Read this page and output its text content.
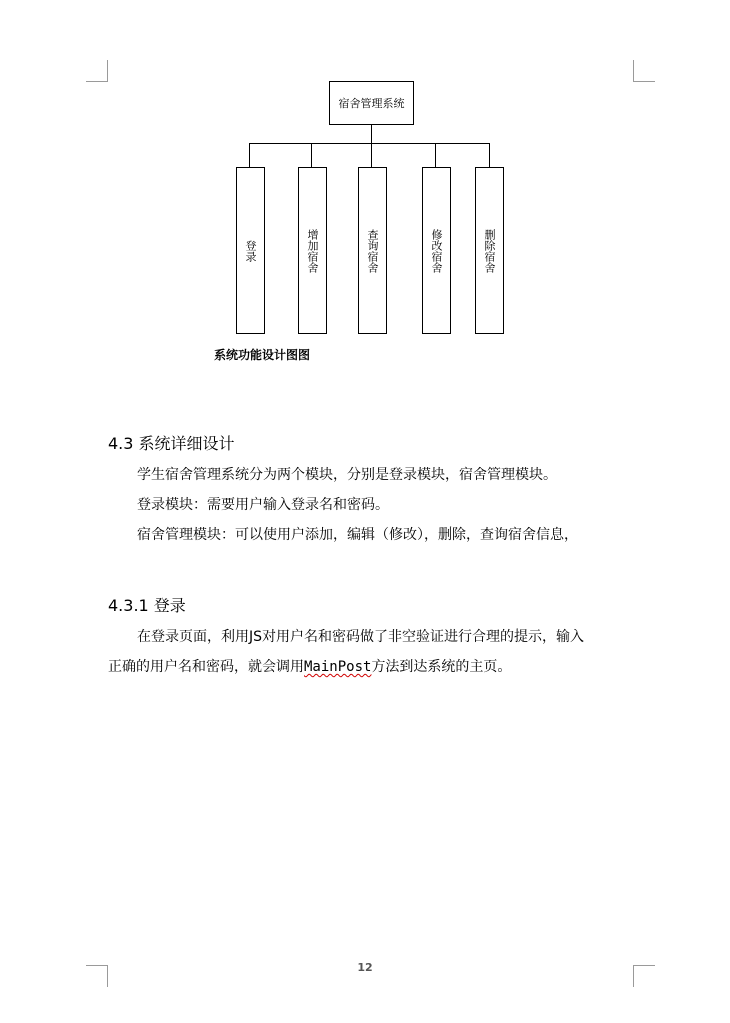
宿舍管理系统
登录	增加宿舍	查询宿舍	修改宿舍	删除宿舍
系统功能设计图图
4.3 系统详细设计
学生宿舍管理系统分为两个模块，分别是登录模块，宿舍管理模块。
登录模块：需要用户输入登录名和密码。
宿舍管理模块：可以使用户添加，编辑（修改），删除，查询宿舍信息，
4.3.1 登录
在登录页面，利用JS对用户名和密码做了非空验证进行合理的提示，输入
正确的用户名和密码，就会调用MainPost方法到达系统的主页。
12
